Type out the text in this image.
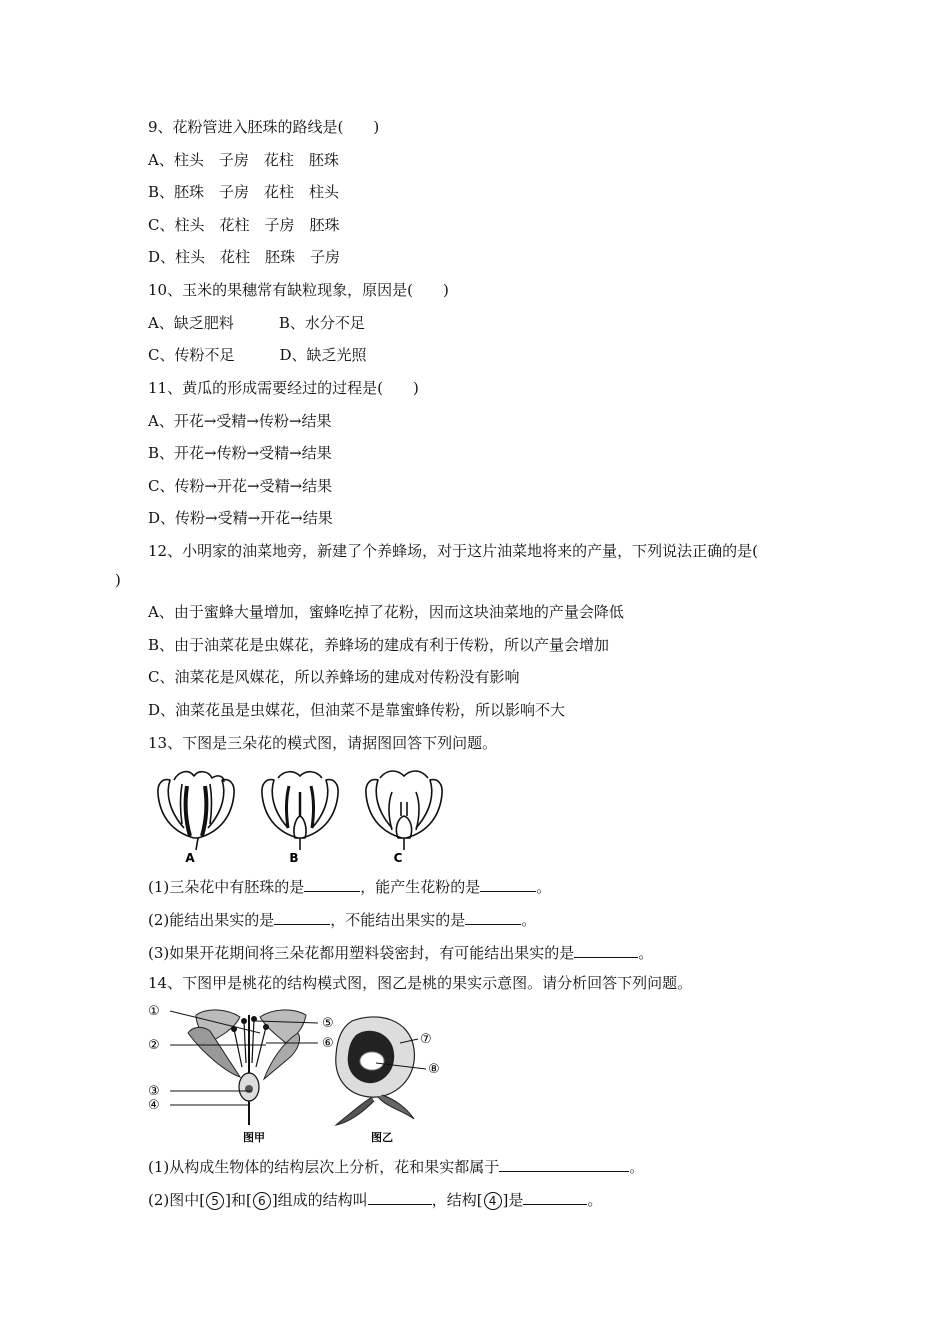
9、花粉管进入胚珠的路线是(　　)
A、柱头　子房　花柱　胚珠
B、胚珠　子房　花柱　柱头
C、柱头　花柱　子房　胚珠
D、柱头　花柱　胚珠　子房
10、玉米的果穗常有缺粒现象，原因是(　　)
A、缺乏肥料　　　B、水分不足
C、传粉不足　　　D、缺乏光照
11、黄瓜的形成需要经过的过程是(　　)
A、开花→受精→传粉→结果
B、开花→传粉→受精→结果
C、传粉→开花→受精→结果
D、传粉→受精→开花→结果
12、小明家的油菜地旁，新建了个养蜂场，对于这片油菜地将来的产量，下列说法正确的是(
)
A、由于蜜蜂大量增加，蜜蜂吃掉了花粉，因而这块油菜地的产量会降低
B、由于油菜花是虫媒花，养蜂场的建成有利于传粉，所以产量会增加
C、油菜花是风媒花，所以养蜂场的建成对传粉没有影响
D、油菜花虽是虫媒花，但油菜不是靠蜜蜂传粉，所以影响不大
13、下图是三朵花的模式图，请据图回答下列问题。
A	B	C
(1)三朵花中有胚珠的是	，能产生花粉的是	。
(2)能结出果实的是	，不能结出果实的是	。
(3)如果开花期间将三朵花都用塑料袋密封，有可能结出果实的是	。
14、下图甲是桃花的结构模式图，图乙是桃的果实示意图。请分析回答下列问题。
①
②
③
④
⑤
⑥	⑦
⑧
图甲	图乙
(1)从构成生物体的结构层次上分析，花和果实都属于	。
(2)图中[ 5 ]和[ 6 ]组成的结构叫	，结构[ 4 ]是	。
